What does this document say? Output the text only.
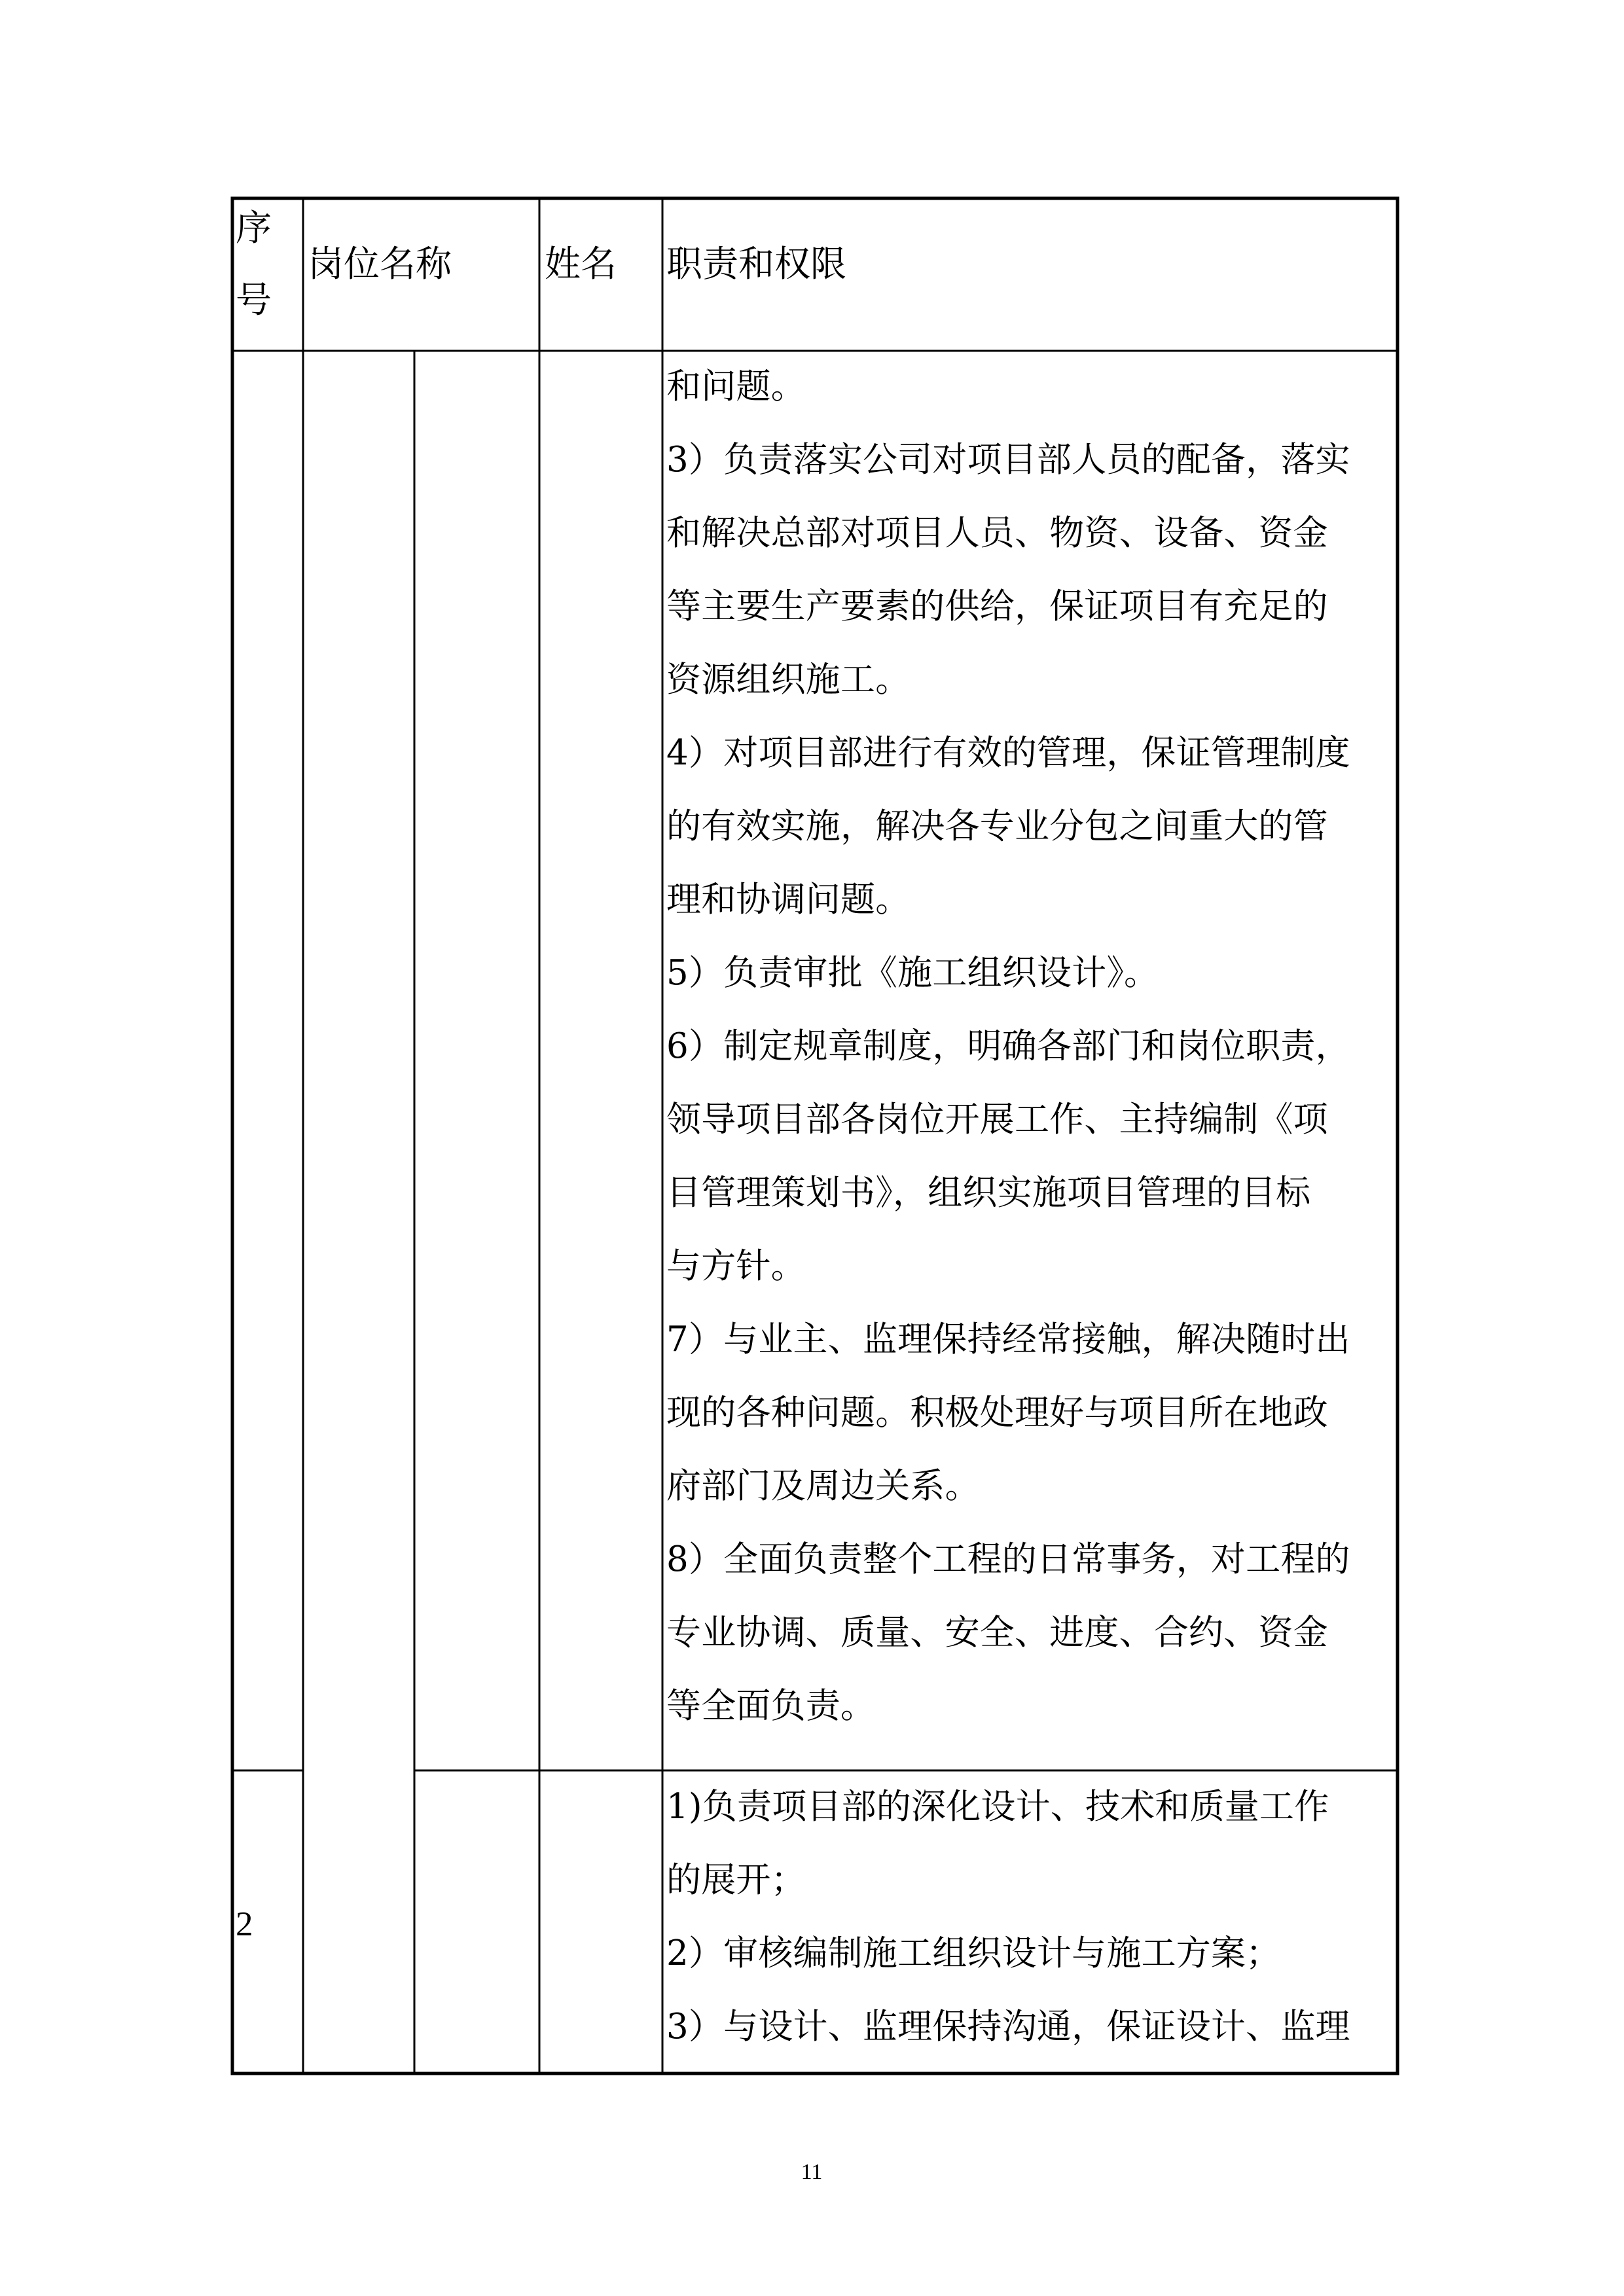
序
号
岗位名称	姓名 职责和权限
和问题。
3）负责落实公司对项目部人员的配备，落实
和解决总部对项目人员、物资、设备、资金
等主要生产要素的供给，保证项目有充足的
资源组织施工。
4）对项目部进行有效的管理，保证管理制度
的有效实施，解决各专业分包之间重大的管
理和协调问题。
5）负责审批《施工组织设计》。
6）制定规章制度，明确各部门和岗位职责，
领导项目部各岗位开展工作、主持编制《项
目管理策划书》，组织实施项目管理的目标
与方针。
7）与业主、监理保持经常接触，解决随时出
现的各种问题。积极处理好与项目所在地政
府部门及周边关系。
8）全面负责整个工程的日常事务，对工程的
专业协调、质量、安全、进度、合约、资金
等全面负责。
2
1)负责项目部的深化设计、技术和质量工作
的展开；
2）审核编制施工组织设计与施工方案；
3）与设计、监理保持沟通，保证设计、监理
11
